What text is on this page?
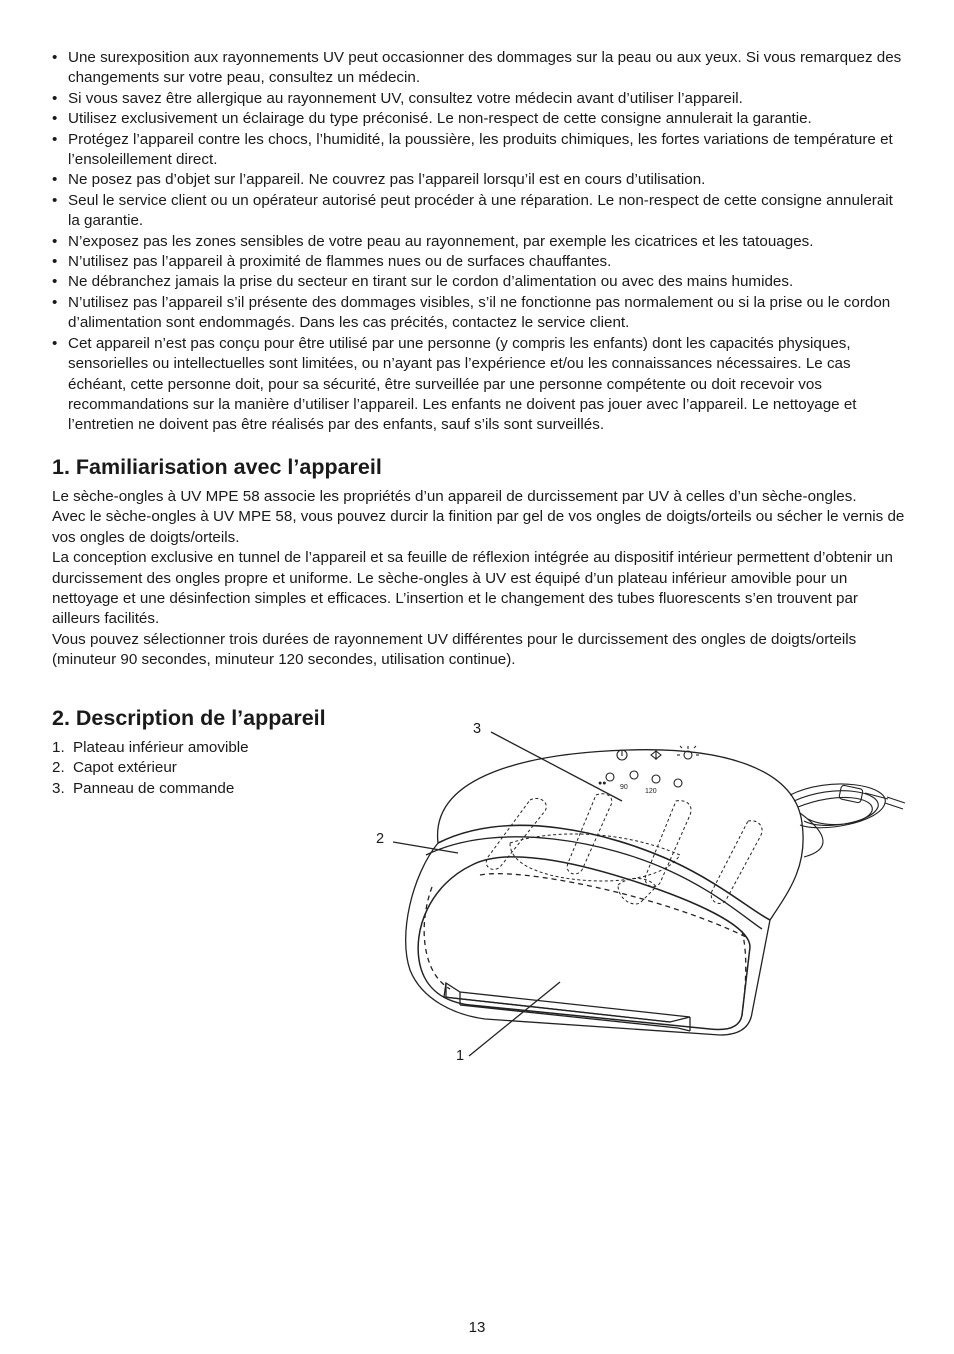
• Une surexposition aux rayonnements UV peut occasionner des dommages sur la peau ou aux yeux. Si vous remarquez des changements sur votre peau, consultez un médecin.
• Si vous savez être allergique au rayonnement UV, consultez votre médecin avant d’utiliser l’appareil.
• Utilisez exclusivement un éclairage du type préconisé. Le non-respect de cette consigne annulerait la garantie.
• Protégez l’appareil contre les chocs, l’humidité, la poussière, les produits chimiques, les fortes variations de température et l’ensoleillement direct.
• Ne posez pas d’objet sur l’appareil. Ne couvrez pas l’appareil lorsqu’il est en cours d’utilisation.
• Seul le service client ou un opérateur autorisé peut procéder à une réparation. Le non-respect de cette consigne annulerait la garantie.
• N’exposez pas les zones sensibles de votre peau au rayonnement, par exemple les cicatrices et les tatouages.
• N’utilisez pas l’appareil à proximité de flammes nues ou de surfaces chauffantes.
• Ne débranchez jamais la prise du secteur en tirant sur le cordon d’alimentation ou avec des mains humides.
• N’utilisez pas l’appareil s’il présente des dommages visibles, s’il ne fonctionne pas normalement ou si la prise ou le cordon d’alimentation sont endommagés. Dans les cas précités, contactez le service client.
• Cet appareil n’est pas conçu pour être utilisé par une personne (y compris les enfants) dont les capacités physiques, sensorielles ou intellectuelles sont limitées, ou n’ayant pas l’expérience et/ou les connaissances nécessaires. Le cas échéant, cette personne doit, pour sa sécurité, être surveillée par une personne compétente ou doit recevoir vos recommandations sur la manière d’utiliser l’appareil. Les enfants ne doivent pas jouer avec l’appareil. Le nettoyage et l’entretien ne doivent pas être réalisés par des enfants, sauf s’ils sont surveillés.
1. Familiarisation avec l’appareil

Le sèche-ongles à UV MPE 58 associe les propriétés d’un appareil de durcissement par UV à celles d’un sèche-ongles.

Avec le sèche-ongles à UV MPE 58, vous pouvez durcir la finition par gel de vos ongles de doigts/orteils ou sécher le vernis de vos ongles de doigts/orteils.

La conception exclusive en tunnel de l’appareil et sa feuille de réflexion intégrée au dispositif intérieur permettent d’obtenir un durcissement des ongles propre et uniforme. Le sèche-ongles à UV est équipé d’un plateau inférieur amovible pour un nettoyage et une désinfection simples et efficaces. L’insertion et le changement des tubes fluorescents s’en trouvent par ailleurs facilités.

Vous pouvez sélectionner trois durées de rayonnement UV différentes pour le durcissement des ongles de doigts/orteils (minuteur 90 secondes, minuteur 120 secondes, utilisation continue).

2. Description de l’appareil
1. Plateau inférieur amovible
2. Capot extérieur
3. Panneau de commande
3
2
1
●●
90
120
13
